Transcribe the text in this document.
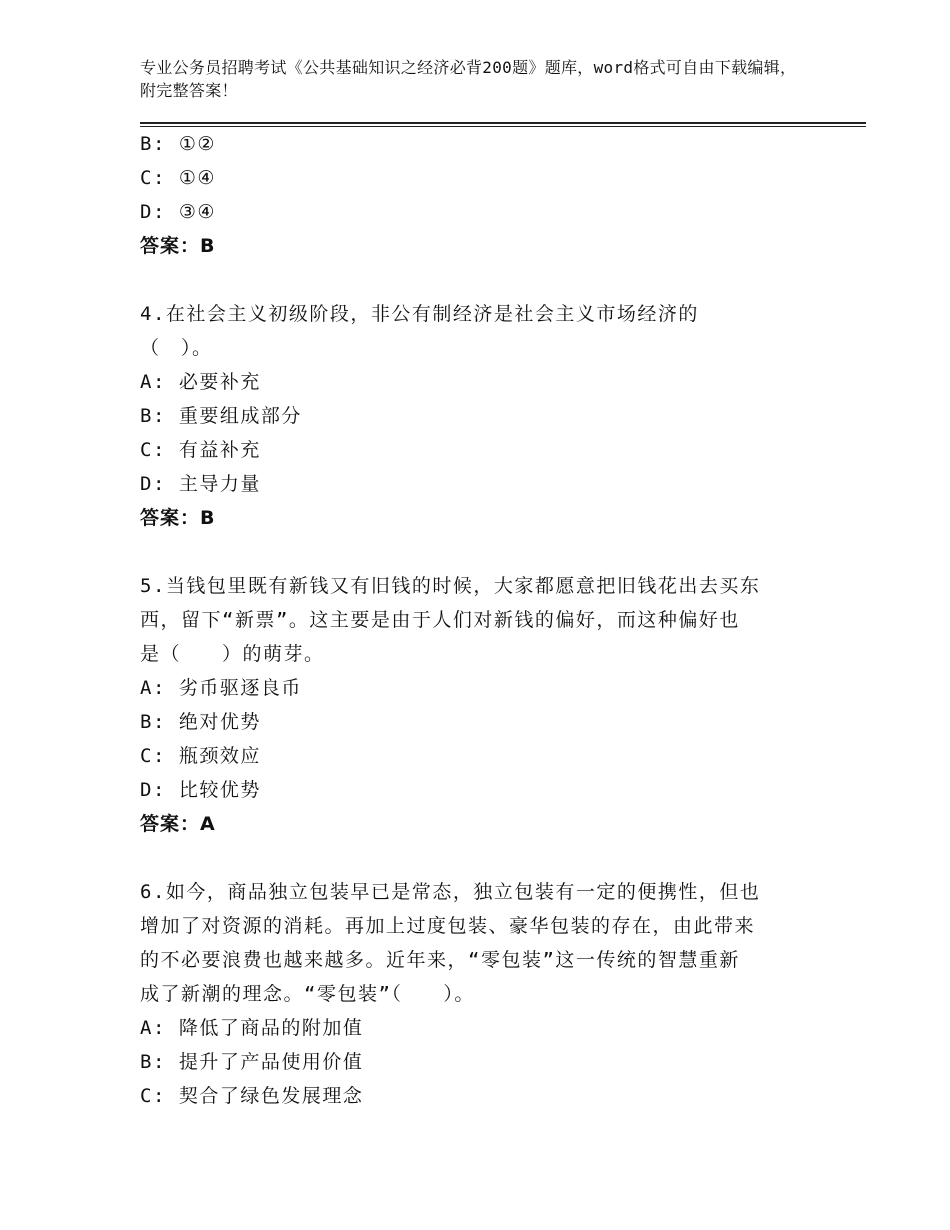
专业公务员招聘考试《公共基础知识之经济必背200题》题库，word格式可自由下载编辑，附完整答案！
B: ①②
C: ①④
D: ③④
答案：B
4.在社会主义初级阶段，非公有制经济是社会主义市场经济的
（　）。
A: 必要补充
B: 重要组成部分
C: 有益补充
D: 主导力量
答案：B
5.当钱包里既有新钱又有旧钱的时候，大家都愿意把旧钱花出去买东
西，留下“新票”。这主要是由于人们对新钱的偏好，而这种偏好也
是（　　）的萌芽。
A: 劣币驱逐良币
B: 绝对优势
C: 瓶颈效应
D: 比较优势
答案：A
6.如今，商品独立包装早已是常态，独立包装有一定的便携性，但也
增加了对资源的消耗。再加上过度包装、豪华包装的存在，由此带来
的不必要浪费也越来越多。近年来，“零包装”这一传统的智慧重新
成了新潮的理念。“零包装”（　　）。
A: 降低了商品的附加值
B: 提升了产品使用价值
C: 契合了绿色发展理念
